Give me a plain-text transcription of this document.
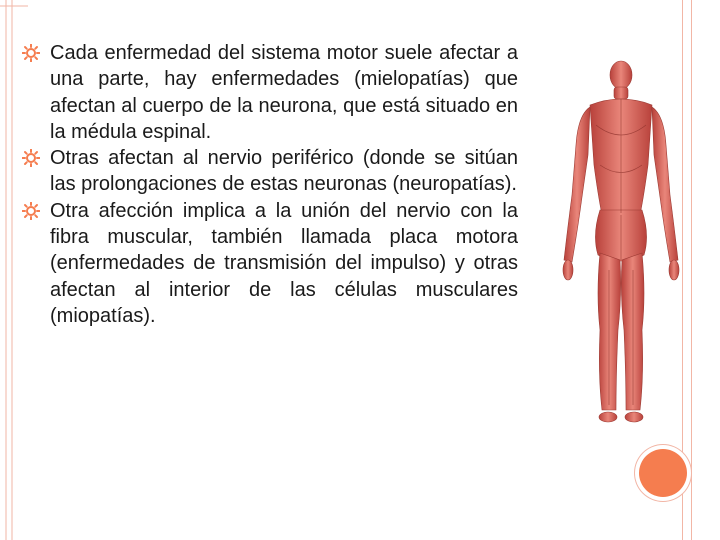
Cada enfermedad del sistema motor suele afectar a una parte, hay enfermedades (mielopatías) que afectan al cuerpo de la neurona, que está situado en la médula espinal.
Otras afectan al nervio periférico (donde se sitúan las prolongaciones de estas neuronas (neuropatías).
Otra afección implica a la unión del nervio con la fibra muscular, también llamada placa motora (enfermedades de transmisión del impulso) y otras afectan al interior de las células musculares (miopatías).
